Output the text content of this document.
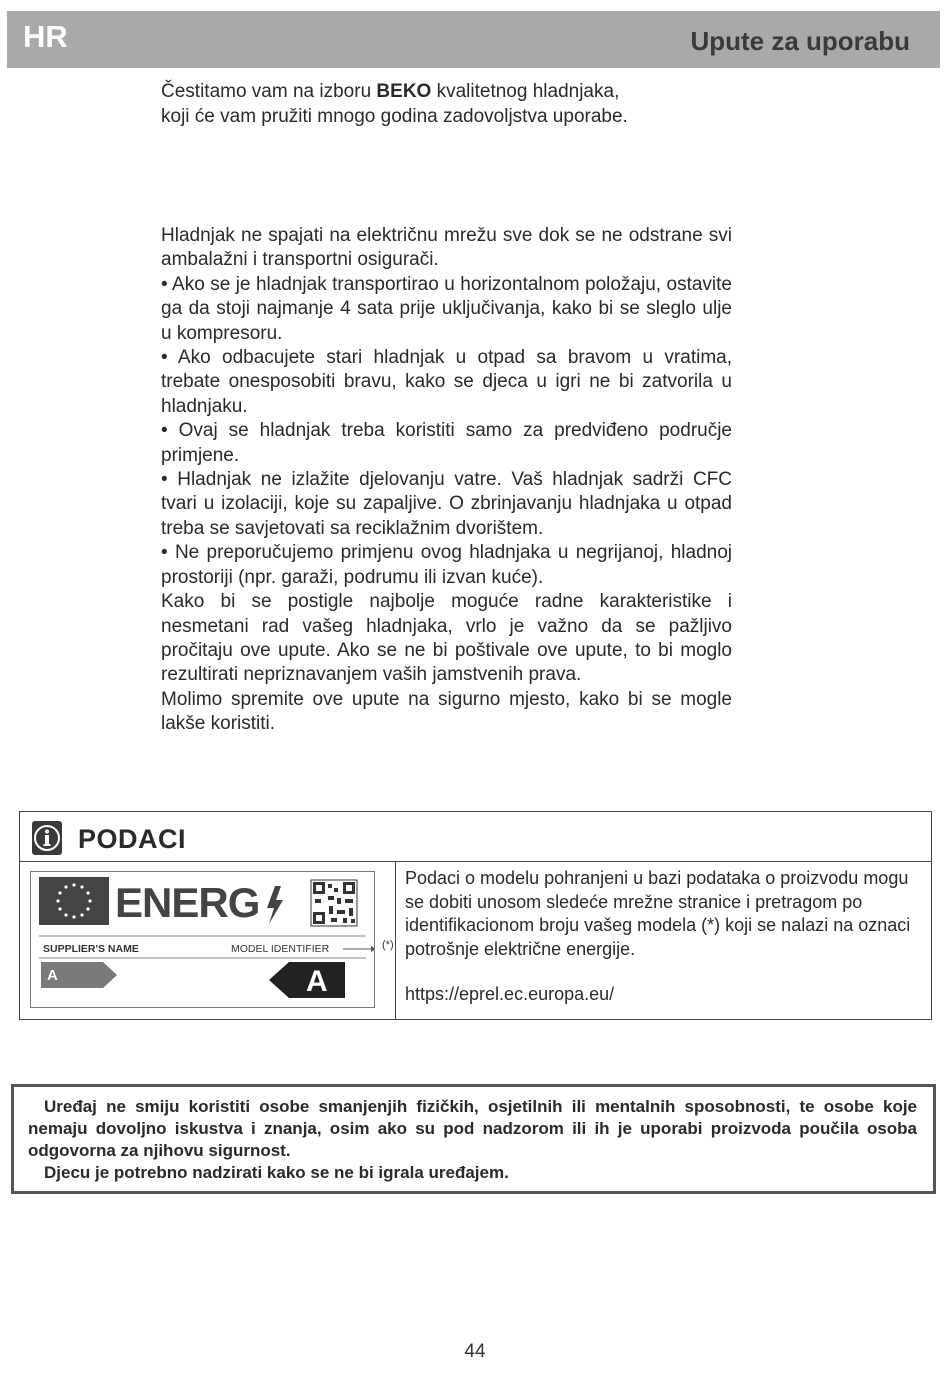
HR	Upute za uporabu
Čestitamo vam na izboru BEKO kvalitetnog hladnjaka,
koji će vam pružiti mnogo godina zadovoljstva uporabe.

Hladnjak ne spajati na električnu mrežu sve dok se ne odstrane svi ambalažni i transportni osigurači.

• Ako se je hladnjak transportirao u horizontalnom položaju, ostavite ga da stoji najmanje 4 sata prije uključivanja, kako bi se sleglo ulje u kompresoru.

• Ako odbacujete stari hladnjak u otpad sa bravom u vratima, trebate onesposobiti bravu, kako se djeca u igri ne bi zatvorila u hladnjaku.

• Ovaj se hladnjak treba koristiti samo za predviđeno područje primjene.

• Hladnjak ne izlažite djelovanju vatre. Vaš hladnjak sadrži CFC tvari u izolaciji, koje su zapaljive. O zbrinjavanju hladnjaka u otpad treba se savjetovati sa reciklažnim dvorištem.

• Ne preporučujemo primjenu ovog hladnjaka u negrijanoj, hladnoj prostoriji (npr. garaži, podrumu ili izvan kuće).

Kako bi se postigle najbolje moguće radne karakteristike i nesmetani rad vašeg hladnjaka, vrlo je važno da se pažljivo pročitaju ove upute. Ako se ne bi poštivale ove upute, to bi moglo rezultirati nepriznavanjem vaših jamstvenih prava.

Molimo spremite ove upute na sigurno mjesto, kako bi se mogle lakše koristiti.

PODACI
ENERG
SUPPLIER'S NAME	MODEL IDENTIFIER
A	A
(*)
Podaci o modelu pohranjeni u bazi podataka o proizvodu mogu se dobiti unosom sledeće mrežne stranice i pretragom po identifikacionom broju vašeg modela (*) koji se nalazi na oznaci potrošnje električne energije.
https://eprel.ec.europa.eu/

Uređaj ne smiju koristiti osobe smanjenjih fizičkih, osjetilnih ili mentalnih sposobnosti, te osobe koje nemaju dovoljno iskustva i znanja, osim ako su pod nadzorom ili ih je uporabi proizvoda poučila osoba odgovorna za njihovu sigurnost.

Djecu je potrebno nadzirati kako se ne bi igrala uređajem.

44
